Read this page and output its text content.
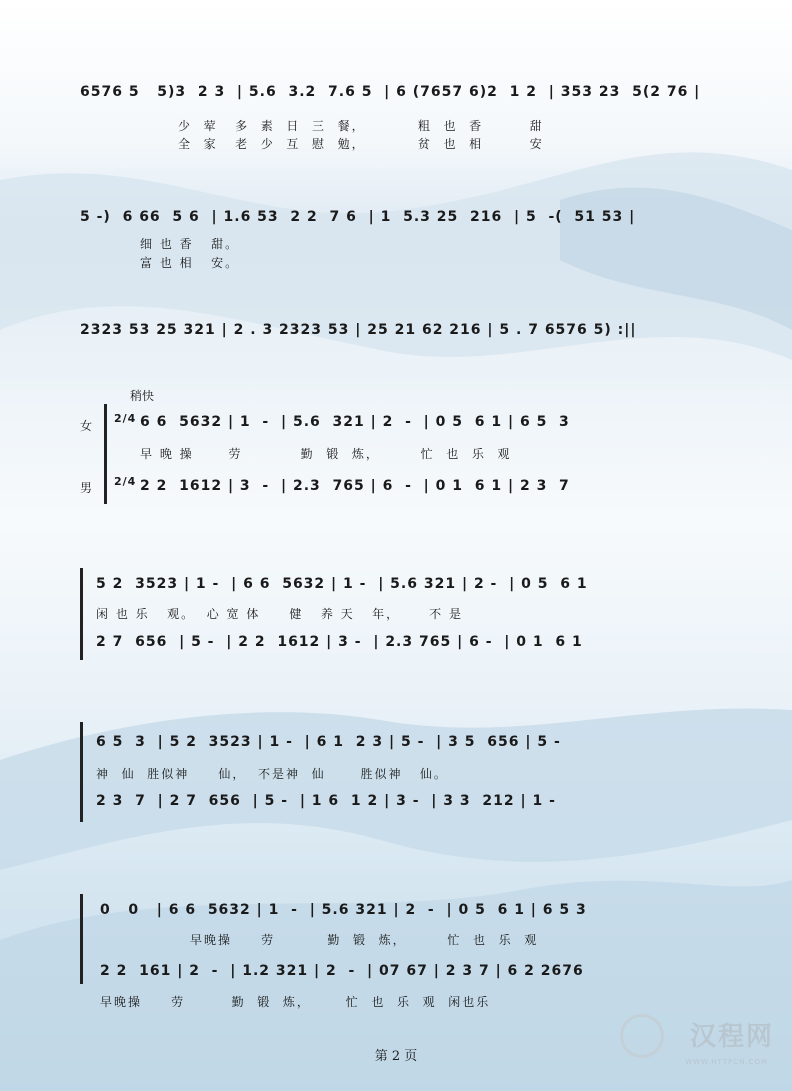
6576 5   5)3  2 3  | 5.6  3.2  7.6 5  | 6 (7657 6)2  1 2  | 353 23  5(2 76 |
少  荤   多  素  日  三  餐，         粗  也  香        甜
全  家   老  少  互  慰  勉，         贫  也  相        安
5 -)  6 66  5 6  | 1.6 53  2 2  7 6  | 1  5.3 25  216  | 5  -(  51 53 |
细 也 香   甜。
富 也 相   安。
2323 53 25 321 | 2 . 3 2323 53 | 25 21 62 216 | 5 . 7 6576 5) :||
稍快
女
男
2/4
2/4
6 6  5632 | 1  -  | 5.6  321 | 2  -  | 0 5  6 1 | 6 5  3
早 晚 操      劳          勤  锻  炼，       忙  也  乐  观
2 2  1612 | 3  -  | 2.3  765 | 6  -  | 0 1  6 1 | 2 3  7
5 2  3523 | 1 -  | 6 6  5632 | 1 -  | 5.6 321 | 2 -  | 0 5  6 1
闲 也 乐   观。  心 宽 体     健   养 天   年，     不 是
2 7  656  | 5 -  | 2 2  1612 | 3 -  | 2.3 765 | 6 -  | 0 1  6 1
6 5  3  | 5 2  3523 | 1 -  | 6 1  2 3 | 5 -  | 3 5  656 | 5 -
神  仙  胜似神     仙，  不是神  仙      胜似神   仙。
2 3  7  | 2 7  656  | 5 -  | 1 6  1 2 | 3 -  | 3 3  212 | 1 -
0   0   | 6 6  5632 | 1  -  | 5.6 321 | 2  -  | 0 5  6 1 | 6 5 3
早晚操     劳         勤  锻  炼，       忙  也  乐  观
2 2  161 | 2  -  | 1.2 321 | 2  -  | 07 67 | 2 3 7 | 6 2 2676
早晚操     劳        勤  锻  炼，      忙  也  乐  观  闲也乐
第 2 页
汉程网
WWW.HTTPCN.COM
